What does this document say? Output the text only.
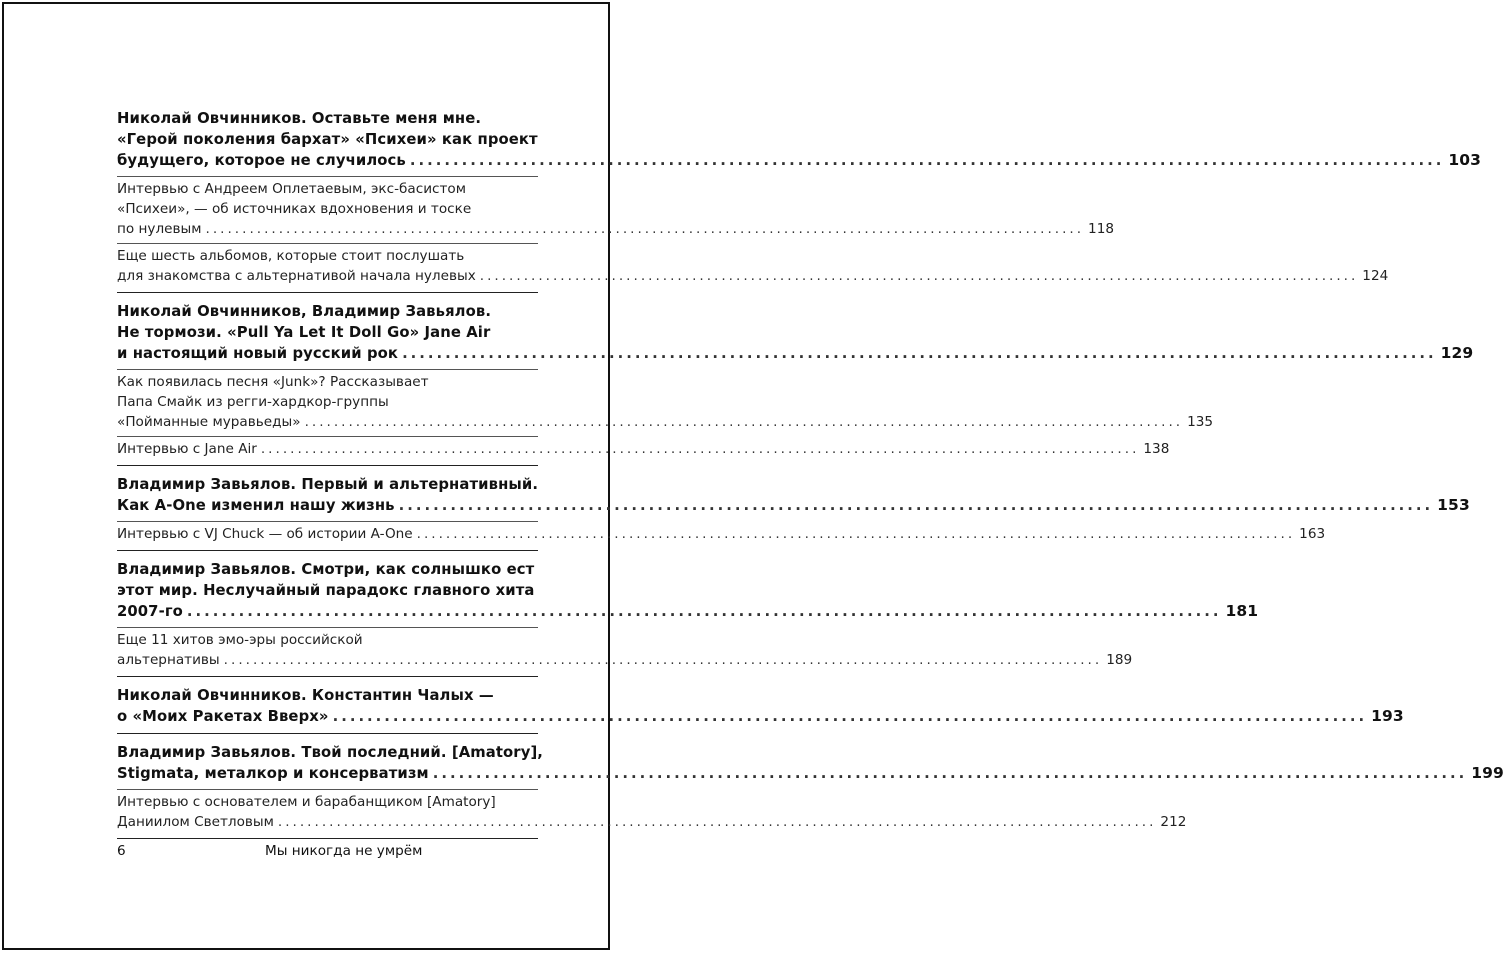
Николай Овчинников. Оставьте меня мне.
«Герой поколения бархат» «Психеи» как проект
будущего, которое не случилось ........................................................................................................................ 103
Интервью с Андреем Оплетаевым, экс-басистом
«Психеи», — об источниках вдохновения и тоске
по нулевым ........................................................................................................................ 118
Еще шесть альбомов, которые стоит послушать
для знакомства с альтернативой начала нулевых ........................................................................................................................ 124
Николай Овчинников, Владимир Завьялов.
Не тормози. «Pull Ya Let It Doll Go» Jane Air
и настоящий новый русский рок ........................................................................................................................ 129
Как появилась песня «Junk»? Рассказывает
Папа Смайк из регги-хардкор-группы
«Пойманные муравьеды» ........................................................................................................................ 135
Интервью с Jane Air ........................................................................................................................ 138
Владимир Завьялов. Первый и альтернативный.
Как A-One изменил нашу жизнь ........................................................................................................................ 153
Интервью с VJ Chuck — об истории A-One ........................................................................................................................ 163
Владимир Завьялов. Смотри, как солнышко ест
этот мир. Неслучайный парадокс главного хита
2007-го ........................................................................................................................ 181
Еще 11 хитов эмо-эры российской
альтернативы ........................................................................................................................ 189
Николай Овчинников. Константин Чалых —
о «Моих Ракетах Вверх» ........................................................................................................................ 193
Владимир Завьялов. Твой последний. [Amatory],
Stigmata, металкор и консерватизм ........................................................................................................................ 199
Интервью с основателем и барабанщиком [Amatory]
Даниилом Светловым ........................................................................................................................ 212
6	Мы никогда не умрём
